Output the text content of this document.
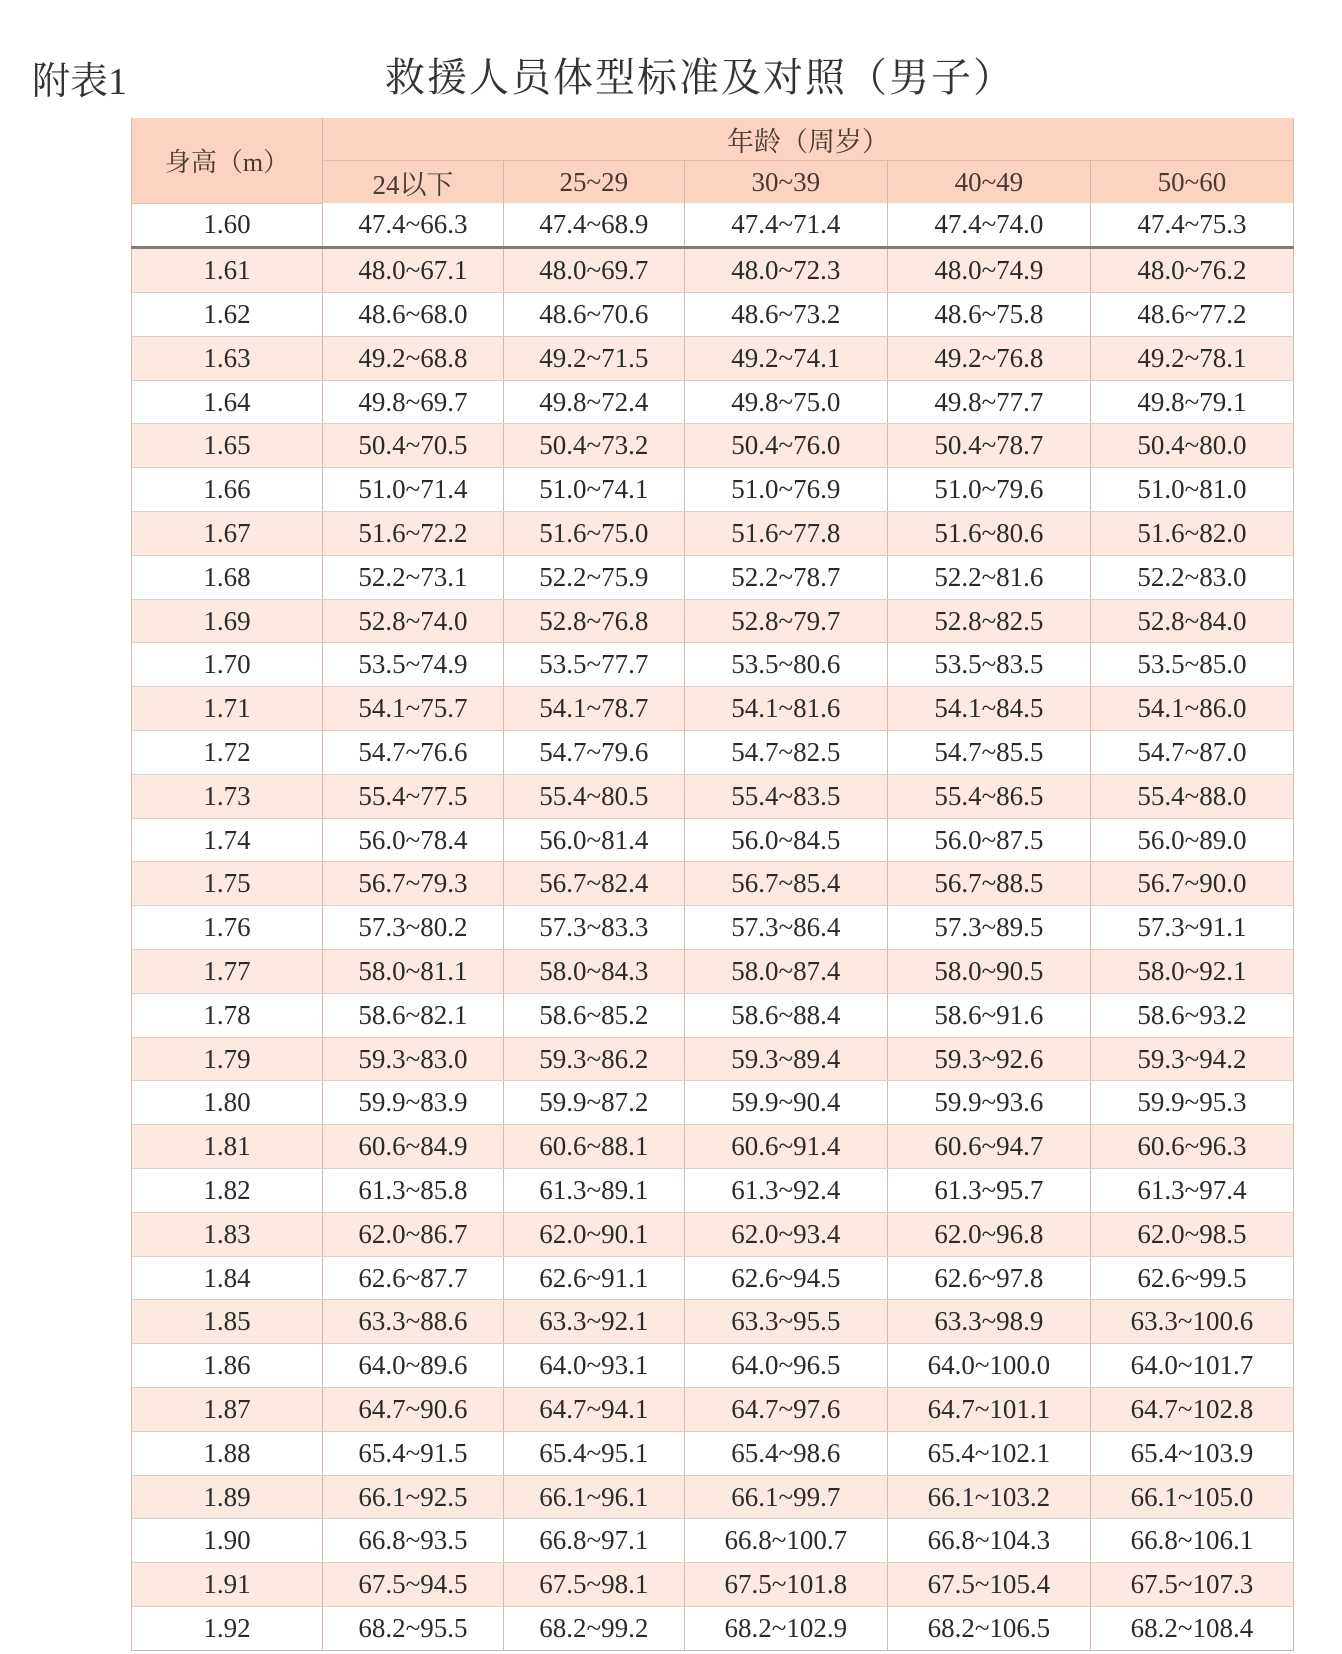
附表1	救援人员体型标准及对照（男子）
身高（m）	年龄（周岁）				
	24以下	25~29	30~39	40~49	50~60
1.60	47.4~66.3	47.4~68.9	47.4~71.4	47.4~74.0	47.4~75.3
1.61	48.0~67.1	48.0~69.7	48.0~72.3	48.0~74.9	48.0~76.2
1.62	48.6~68.0	48.6~70.6	48.6~73.2	48.6~75.8	48.6~77.2
1.63	49.2~68.8	49.2~71.5	49.2~74.1	49.2~76.8	49.2~78.1
1.64	49.8~69.7	49.8~72.4	49.8~75.0	49.8~77.7	49.8~79.1
1.65	50.4~70.5	50.4~73.2	50.4~76.0	50.4~78.7	50.4~80.0
1.66	51.0~71.4	51.0~74.1	51.0~76.9	51.0~79.6	51.0~81.0
1.67	51.6~72.2	51.6~75.0	51.6~77.8	51.6~80.6	51.6~82.0
1.68	52.2~73.1	52.2~75.9	52.2~78.7	52.2~81.6	52.2~83.0
1.69	52.8~74.0	52.8~76.8	52.8~79.7	52.8~82.5	52.8~84.0
1.70	53.5~74.9	53.5~77.7	53.5~80.6	53.5~83.5	53.5~85.0
1.71	54.1~75.7	54.1~78.7	54.1~81.6	54.1~84.5	54.1~86.0
1.72	54.7~76.6	54.7~79.6	54.7~82.5	54.7~85.5	54.7~87.0
1.73	55.4~77.5	55.4~80.5	55.4~83.5	55.4~86.5	55.4~88.0
1.74	56.0~78.4	56.0~81.4	56.0~84.5	56.0~87.5	56.0~89.0
1.75	56.7~79.3	56.7~82.4	56.7~85.4	56.7~88.5	56.7~90.0
1.76	57.3~80.2	57.3~83.3	57.3~86.4	57.3~89.5	57.3~91.1
1.77	58.0~81.1	58.0~84.3	58.0~87.4	58.0~90.5	58.0~92.1
1.78	58.6~82.1	58.6~85.2	58.6~88.4	58.6~91.6	58.6~93.2
1.79	59.3~83.0	59.3~86.2	59.3~89.4	59.3~92.6	59.3~94.2
1.80	59.9~83.9	59.9~87.2	59.9~90.4	59.9~93.6	59.9~95.3
1.81	60.6~84.9	60.6~88.1	60.6~91.4	60.6~94.7	60.6~96.3
1.82	61.3~85.8	61.3~89.1	61.3~92.4	61.3~95.7	61.3~97.4
1.83	62.0~86.7	62.0~90.1	62.0~93.4	62.0~96.8	62.0~98.5
1.84	62.6~87.7	62.6~91.1	62.6~94.5	62.6~97.8	62.6~99.5
1.85	63.3~88.6	63.3~92.1	63.3~95.5	63.3~98.9	63.3~100.6
1.86	64.0~89.6	64.0~93.1	64.0~96.5	64.0~100.0	64.0~101.7
1.87	64.7~90.6	64.7~94.1	64.7~97.6	64.7~101.1	64.7~102.8
1.88	65.4~91.5	65.4~95.1	65.4~98.6	65.4~102.1	65.4~103.9
1.89	66.1~92.5	66.1~96.1	66.1~99.7	66.1~103.2	66.1~105.0
1.90	66.8~93.5	66.8~97.1	66.8~100.7	66.8~104.3	66.8~106.1
1.91	67.5~94.5	67.5~98.1	67.5~101.8	67.5~105.4	67.5~107.3
1.92	68.2~95.5	68.2~99.2	68.2~102.9	68.2~106.5	68.2~108.4
